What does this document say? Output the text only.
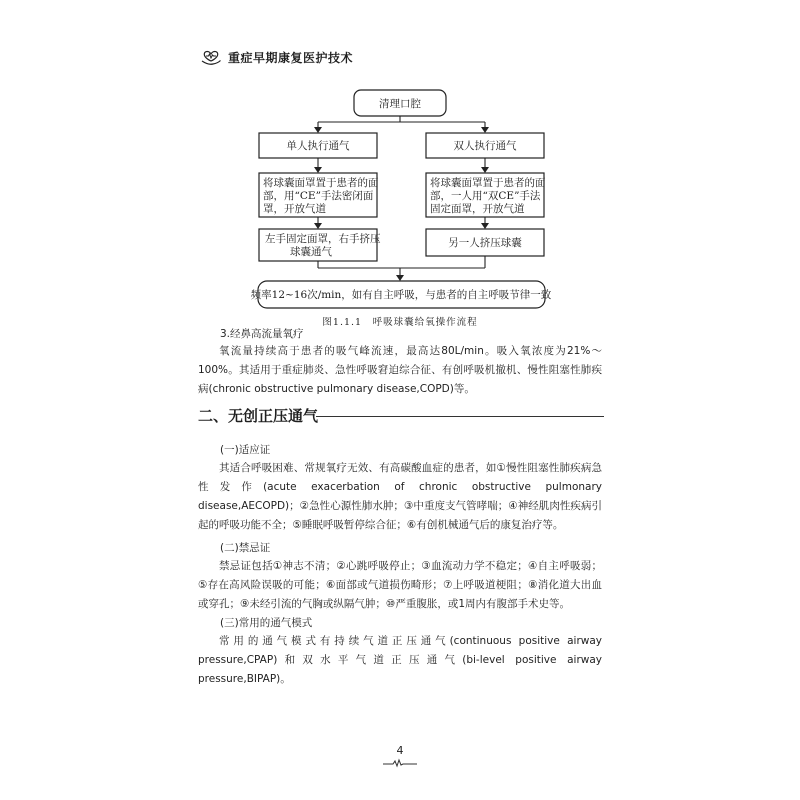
重症早期康复医护技术
清理口腔
单人执行通气
将球囊面罩置于患者的面
部，用“CE”手法密闭面
罩，开放气道
左手固定面罩，右手挤压
球囊通气
双人执行通气
将球囊面罩置于患者的面
部，一人用“双CE”手法
固定面罩，开放气道
另一人挤压球囊
频率12~16次/min，如有自主呼吸，与患者的自主呼吸节律一致
图1.1.1　呼吸球囊给氧操作流程
3.经鼻高流量氧疗
氧流量持续高于患者的吸气峰流速，最高达80L/min。吸入氧浓度为21%～100%。其适用于重症肺炎、急性呼吸窘迫综合征、有创呼吸机撤机、慢性阻塞性肺疾病(chronic obstructive pulmonary disease,COPD)等。
二、无创正压通气
(一)适应证
其适合呼吸困难、常规氧疗无效、有高碳酸血症的患者，如①慢性阻塞性肺疾病急性发作(acute exacerbation of chronic obstructive pulmonary disease,AECOPD)；②急性心源性肺水肿；③中重度支气管哮喘；④神经肌肉性疾病引起的呼吸功能不全；⑤睡眠呼吸暂停综合征；⑥有创机械通气后的康复治疗等。
(二)禁忌证
禁忌证包括①神志不清；②心跳呼吸停止；③血流动力学不稳定；④自主呼吸弱；⑤存在高风险误吸的可能；⑥面部或气道损伤畸形；⑦上呼吸道梗阻；⑧消化道大出血或穿孔；⑨未经引流的气胸或纵隔气肿；⑩严重腹胀，或1周内有腹部手术史等。
(三)常用的通气模式
常用的通气模式有持续气道正压通气(continuous positive airway pressure,CPAP)和双水平气道正压通气(bi-level positive airway pressure,BIPAP)。
4
